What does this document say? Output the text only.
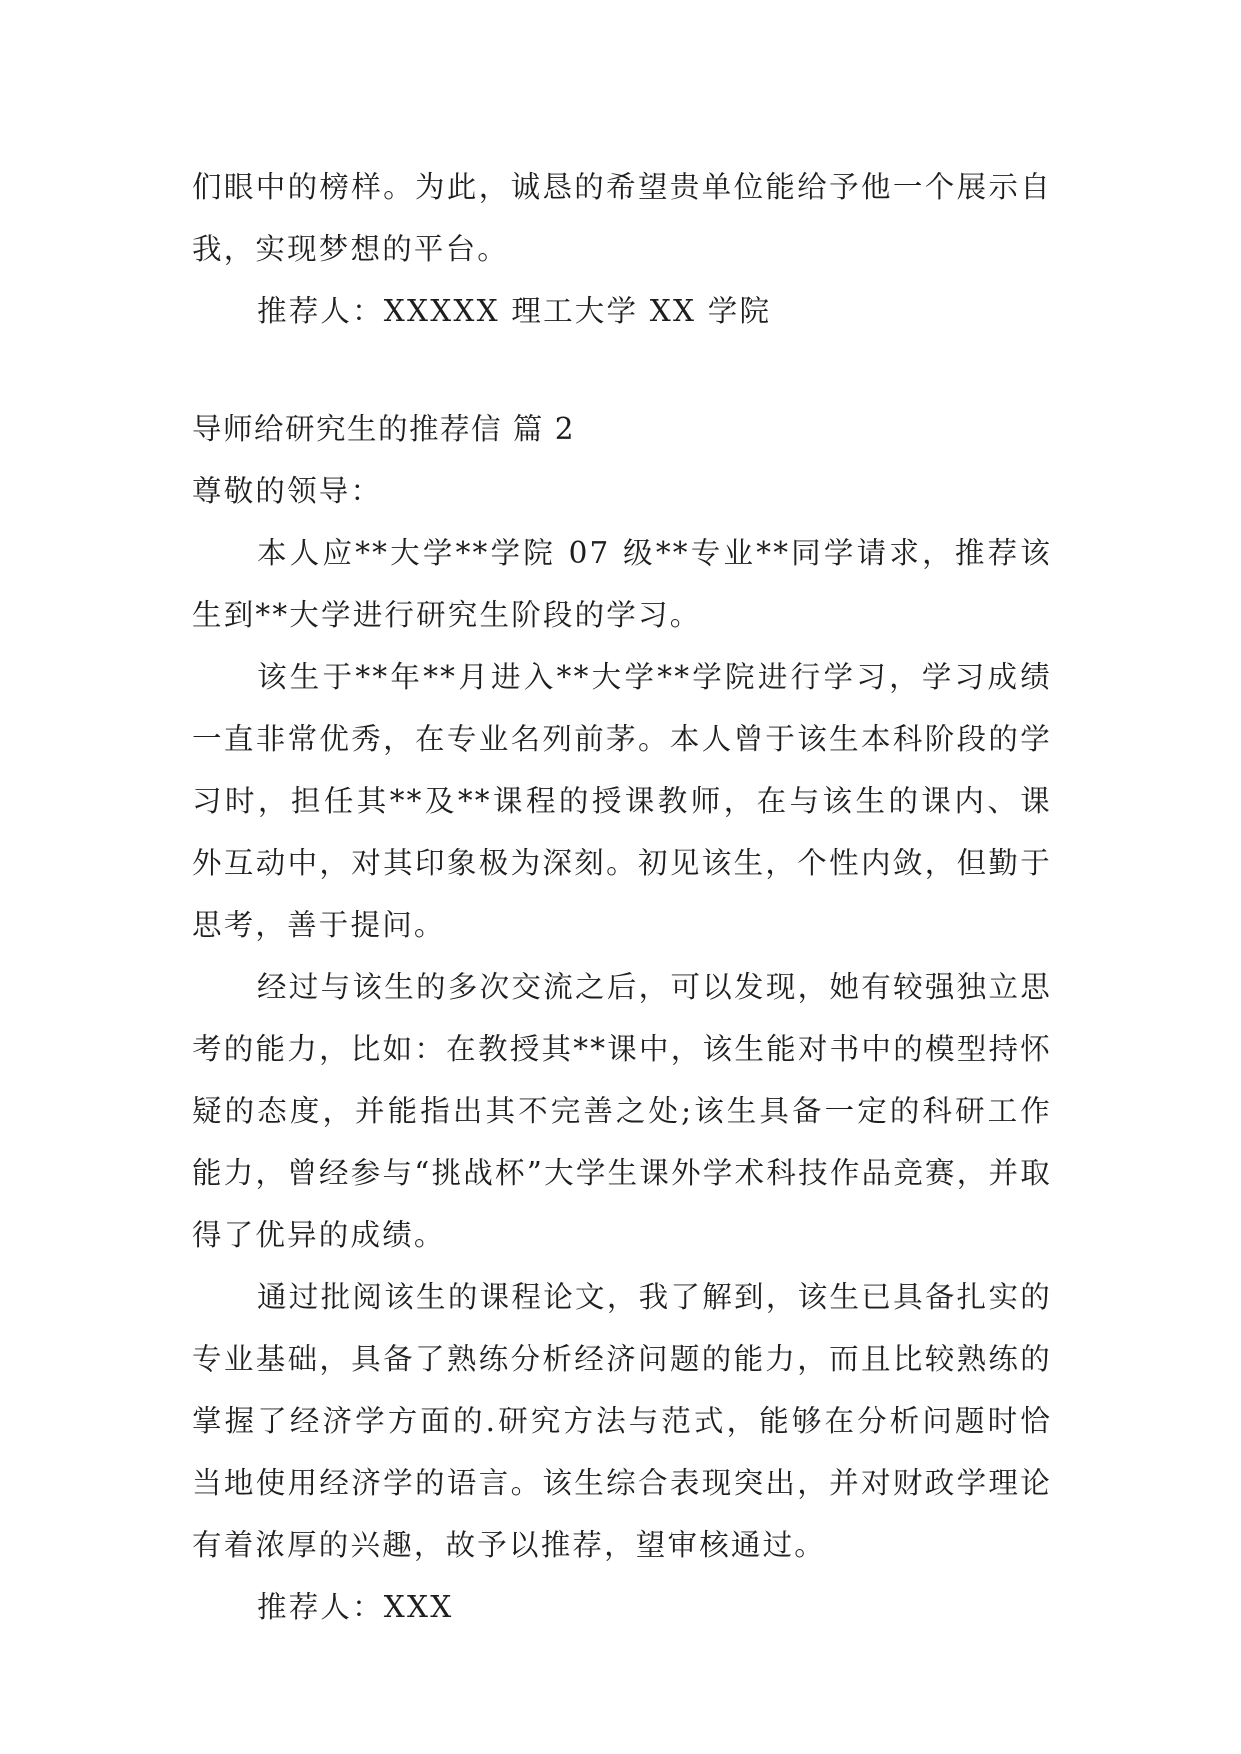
们眼中的榜样。为此，诚恳的希望贵单位能给予他一个展示自我，实现梦想的平台。

推荐人：XXXXX 理工大学 XX 学院

导师给研究生的推荐信 篇 2

尊敬的领导：

本人应**大学**学院 07 级**专业**同学请求，推荐该生到**大学进行研究生阶段的学习。

该生于**年**月进入**大学**学院进行学习，学习成绩一直非常优秀，在专业名列前茅。本人曾于该生本科阶段的学习时，担任其**及**课程的授课教师，在与该生的课内、课外互动中，对其印象极为深刻。初见该生，个性内敛，但勤于思考，善于提问。

经过与该生的多次交流之后，可以发现，她有较强独立思考的能力，比如：在教授其**课中，该生能对书中的模型持怀疑的态度，并能指出其不完善之处;该生具备一定的科研工作能力，曾经参与“挑战杯”大学生课外学术科技作品竞赛，并取得了优异的成绩。

通过批阅该生的课程论文，我了解到，该生已具备扎实的专业基础，具备了熟练分析经济问题的能力，而且比较熟练的掌握了经济学方面的.研究方法与范式，能够在分析问题时恰当地使用经济学的语言。该生综合表现突出，并对财政学理论有着浓厚的兴趣，故予以推荐，望审核通过。

推荐人：XXX
